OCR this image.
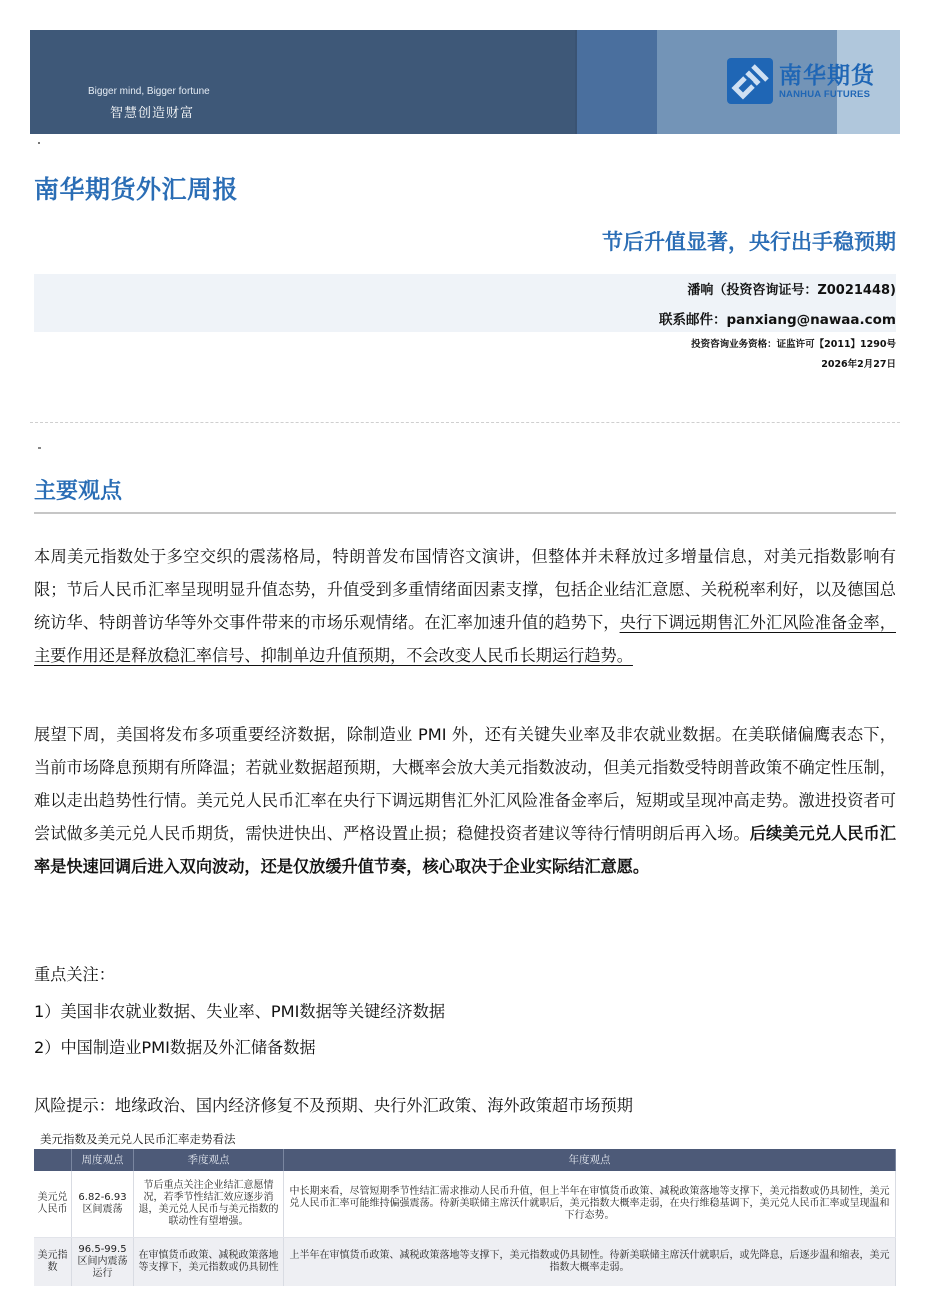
Bigger mind, Bigger fortune
智慧创造财富
南华期货
NANHUA FUTURES
南华期货外汇周报
节后升值显著，央行出手稳预期
潘响（投资咨询证号：Z0021448)
联系邮件：panxiang@nawaa.com
投资咨询业务资格：证监许可【2011】1290号
2026年2月27日
主要观点
本周美元指数处于多空交织的震荡格局，特朗普发布国情咨文演讲，但整体并未释放过多增量信息，对美元指数影响有限；节后人民币汇率呈现明显升值态势，升值受到多重情绪面因素支撑，包括企业结汇意愿、关税税率利好，以及德国总统访华、特朗普访华等外交事件带来的市场乐观情绪。在汇率加速升值的趋势下，央行下调远期售汇外汇风险准备金率，主要作用还是释放稳汇率信号、抑制单边升值预期，不会改变人民币长期运行趋势。
展望下周，美国将发布多项重要经济数据，除制造业 PMI 外，还有关键失业率及非农就业数据。在美联储偏鹰表态下，当前市场降息预期有所降温；若就业数据超预期，大概率会放大美元指数波动，但美元指数受特朗普政策不确定性压制，难以走出趋势性行情。美元兑人民币汇率在央行下调远期售汇外汇风险准备金率后，短期或呈现冲高走势。激进投资者可尝试做多美元兑人民币期货，需快进快出、严格设置止损；稳健投资者建议等待行情明朗后再入场。后续美元兑人民币汇率是快速回调后进入双向波动，还是仅放缓升值节奏，核心取决于企业实际结汇意愿。
重点关注：
1）美国非农就业数据、失业率、PMI数据等关键经济数据
2）中国制造业PMI数据及外汇储备数据
风险提示：地缘政治、国内经济修复不及预期、央行外汇政策、海外政策超市场预期
美元指数及美元兑人民币汇率走势看法
	周度观点	季度观点	年度观点
美元兑人民币	6.82-6.93区间震荡	节后重点关注企业结汇意愿情况，若季节性结汇效应逐步消退，美元兑人民币与美元指数的联动性有望增强。	中长期来看，尽管短期季节性结汇需求推动人民币升值，但上半年在审慎货币政策、减税政策落地等支撑下，美元指数或仍具韧性，美元兑人民币汇率可能维持偏强震荡。待新美联储主席沃什就职后，美元指数大概率走弱，在央行维稳基调下，美元兑人民币汇率或呈现温和下行态势。
美元指数	96.5-99.5区间内震荡运行	在审慎货币政策、减税政策落地等支撑下，美元指数或仍具韧性	上半年在审慎货币政策、减税政策落地等支撑下，美元指数或仍具韧性。待新美联储主席沃什就职后，或先降息，后逐步温和缩表，美元指数大概率走弱。
